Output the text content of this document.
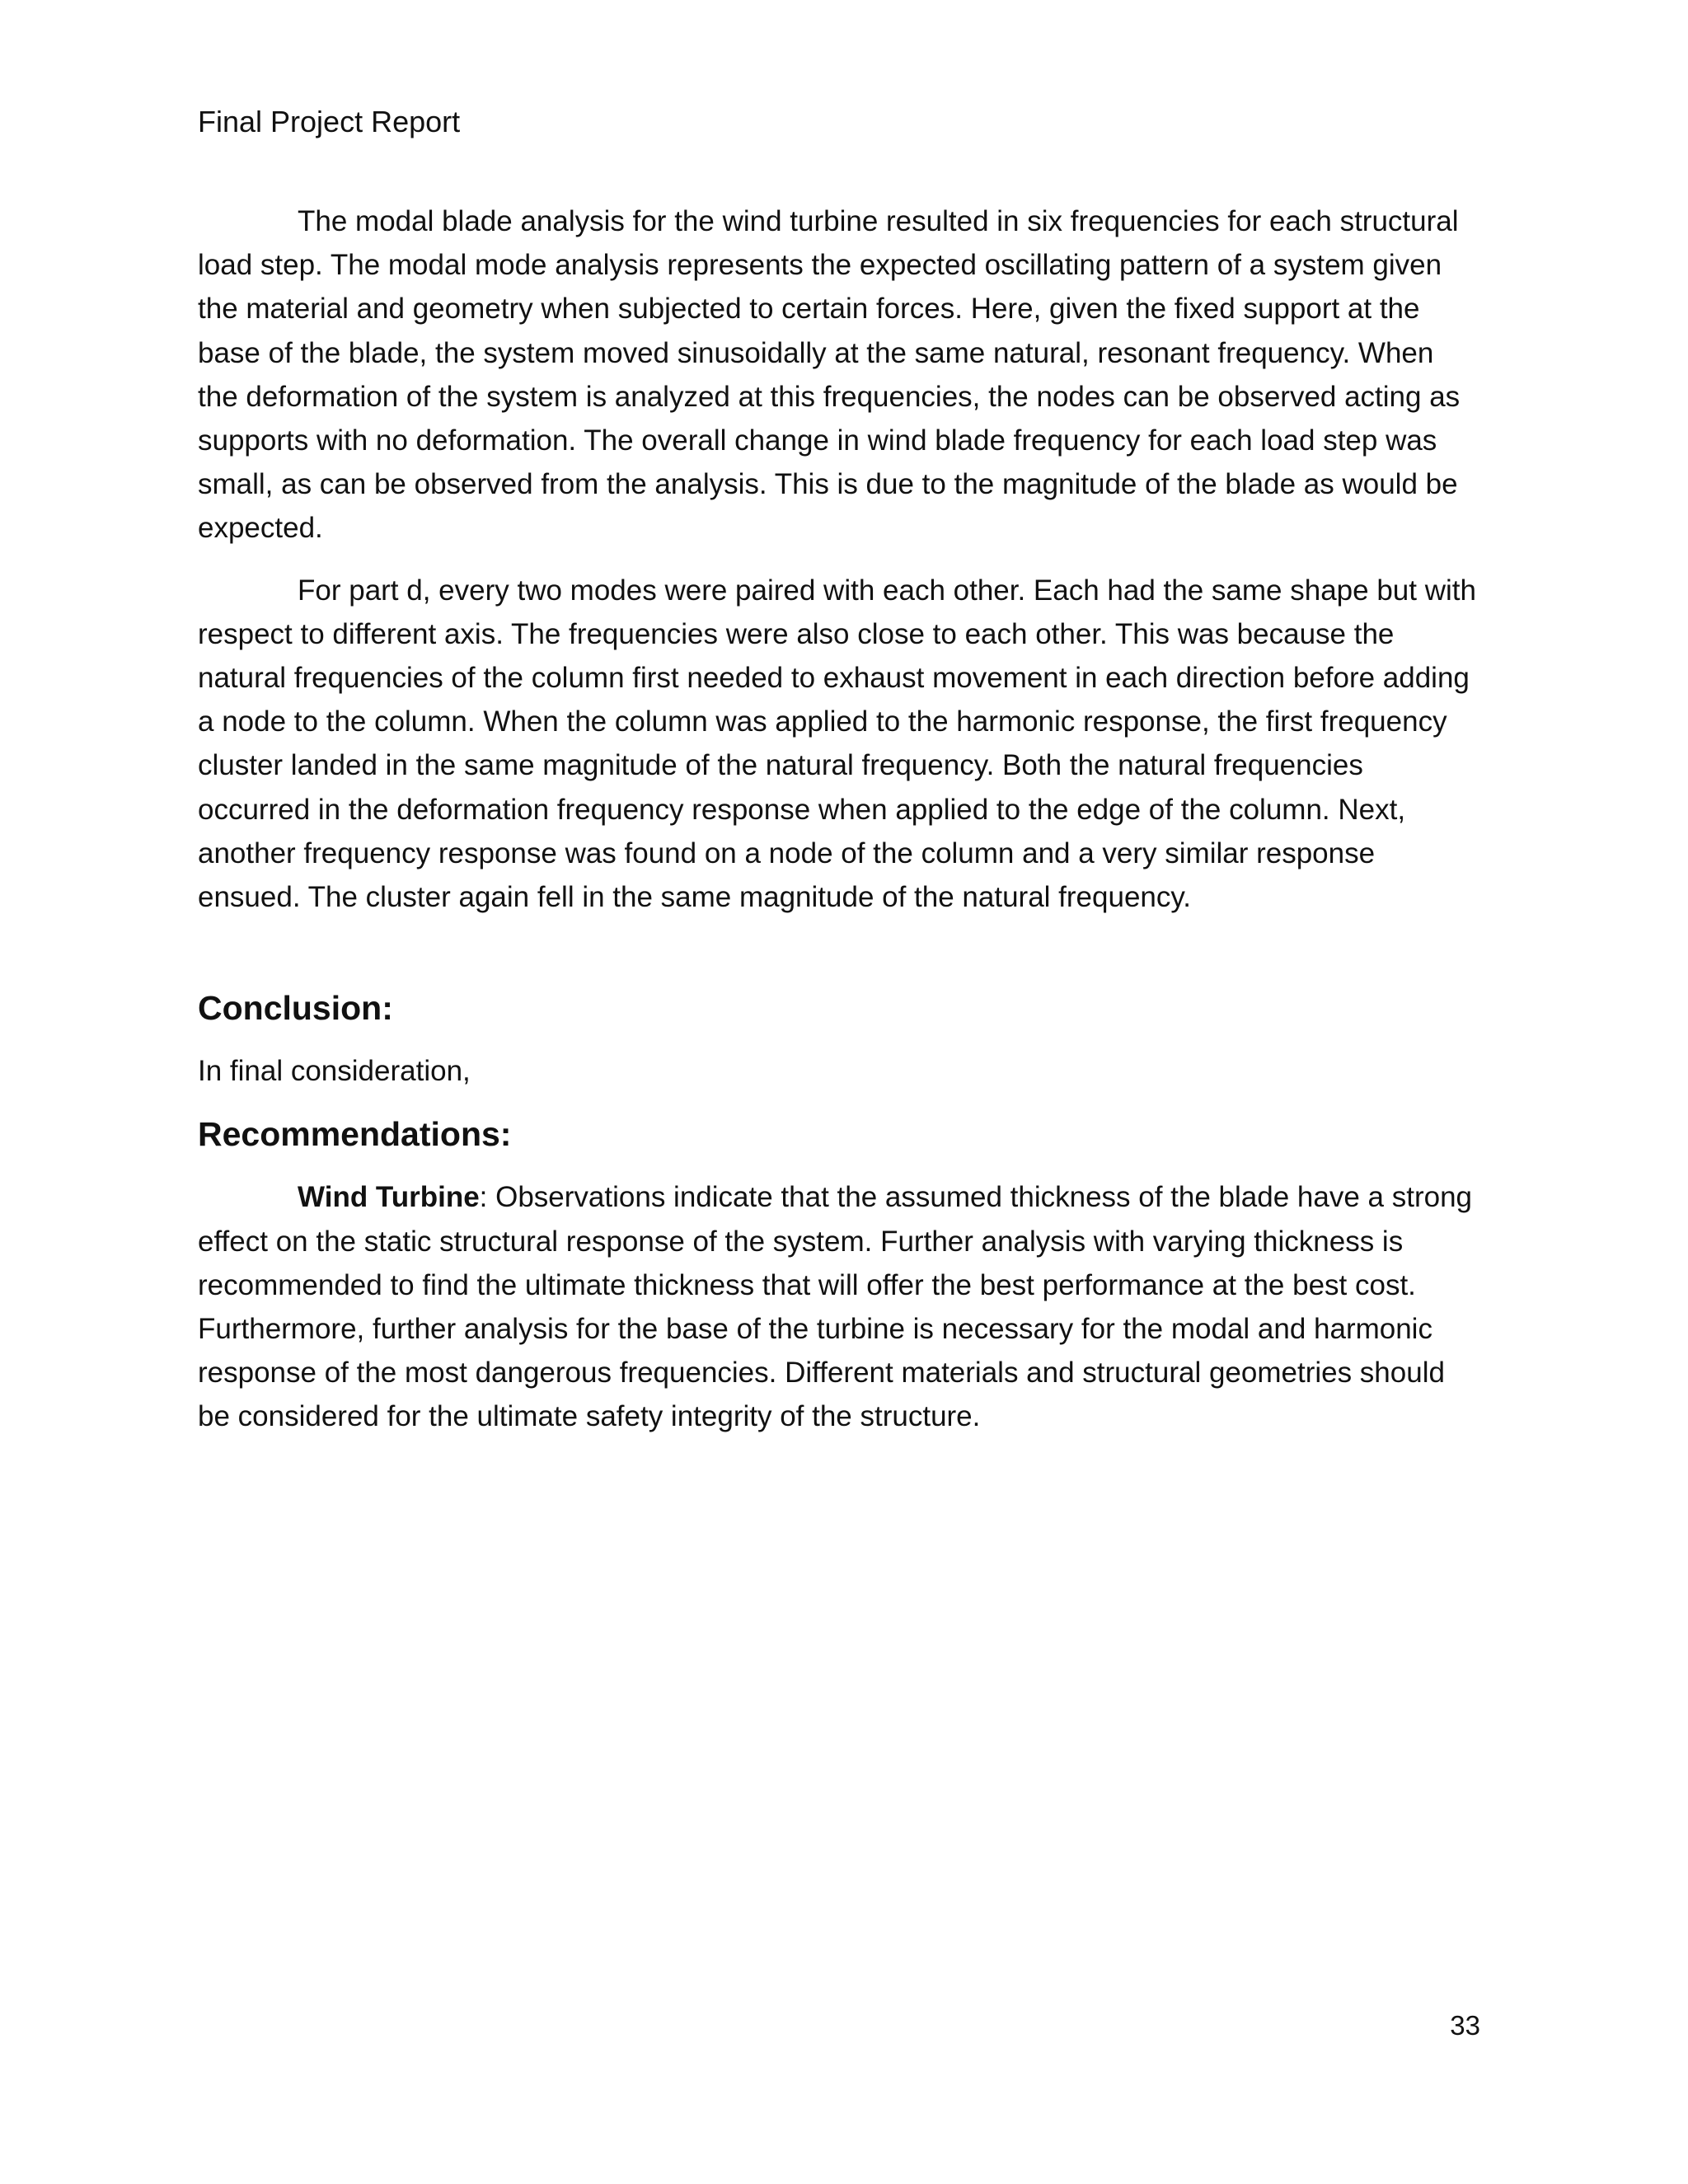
Final Project Report

The modal blade analysis for the wind turbine resulted in six frequencies for each structural load step. The modal mode analysis represents the expected oscillating pattern of a system given the material and geometry when subjected to certain forces. Here, given the fixed support at the base of the blade, the system moved sinusoidally at the same natural, resonant frequency. When the deformation of the system is analyzed at this frequencies, the nodes can be observed acting as supports with no deformation. The overall change in wind blade frequency for each load step was small, as can be observed from the analysis. This is due to the magnitude of the blade as would be expected.

For part d, every two modes were paired with each other. Each had the same shape but with respect to different axis. The frequencies were also close to each other. This was because the natural frequencies of the column first needed to exhaust movement in each direction before adding a node to the column. When the column was applied to the harmonic response, the first frequency cluster landed in the same magnitude of the natural frequency. Both the natural frequencies occurred in the deformation frequency response when applied to the edge of the column. Next, another frequency response was found on a node of the column and a very similar response ensued. The cluster again fell in the same magnitude of the natural frequency.

Conclusion:

In final consideration,

Recommendations:

Wind Turbine: Observations indicate that the assumed thickness of the blade have a strong effect on the static structural response of the system. Further analysis with varying thickness is recommended to find the ultimate thickness that will offer the best performance at the best cost. Furthermore, further analysis for the base of the turbine is necessary for the modal and harmonic response of the most dangerous frequencies. Different materials and structural geometries should be considered for the ultimate safety integrity of the structure.

33
